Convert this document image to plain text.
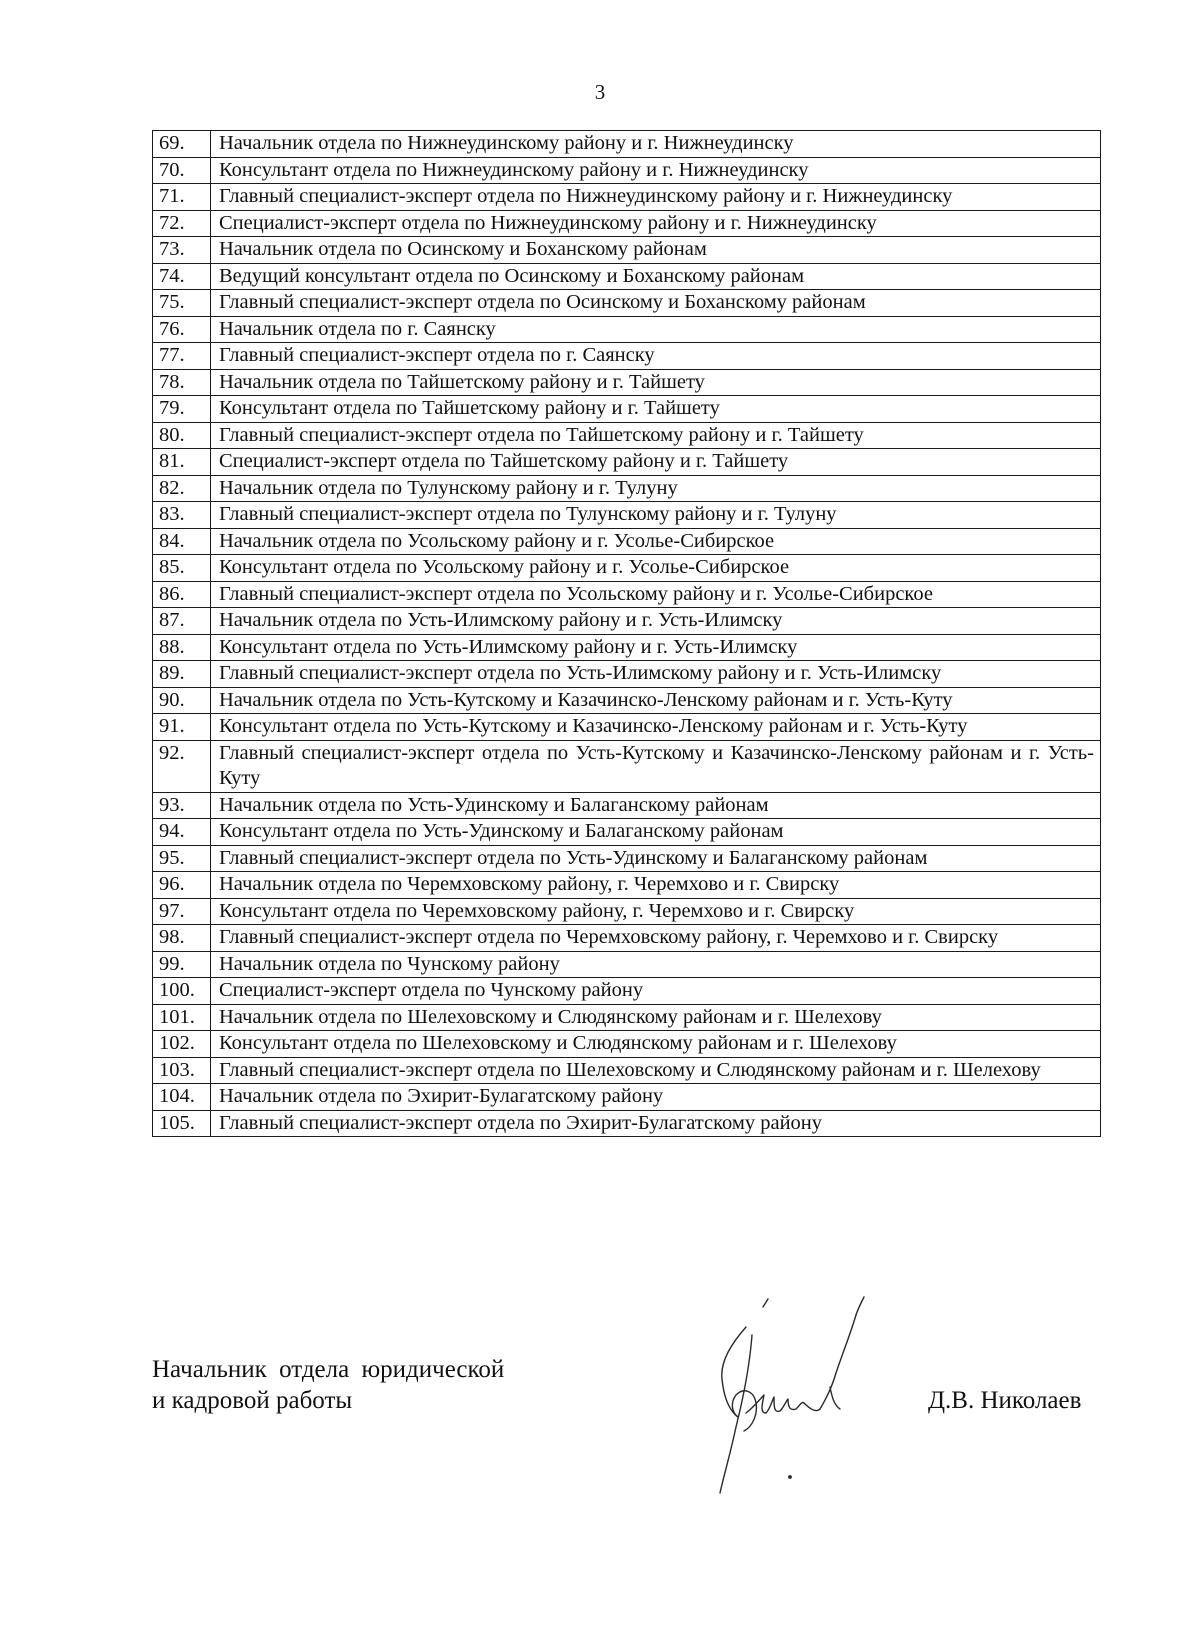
3
69.	Начальник отдела по Нижнеудинскому району и г. Нижнеудинску
70.	Консультант отдела по Нижнеудинскому району и г. Нижнеудинску
71.	Главный специалист-эксперт отдела по Нижнеудинскому району и г. Нижнеудинску
72.	Специалист-эксперт отдела по Нижнеудинскому району и г. Нижнеудинску
73.	Начальник отдела по Осинскому и Боханскому районам
74.	Ведущий консультант отдела по Осинскому и Боханскому районам
75.	Главный специалист-эксперт отдела по Осинскому и Боханскому районам
76.	Начальник отдела по г. Саянску
77.	Главный специалист-эксперт отдела по г. Саянску
78.	Начальник отдела по Тайшетскому району и г. Тайшету
79.	Консультант отдела по Тайшетскому району и г. Тайшету
80.	Главный специалист-эксперт отдела по Тайшетскому району и г. Тайшету
81.	Специалист-эксперт отдела по Тайшетскому району и г. Тайшету
82.	Начальник отдела по Тулунскому району и г. Тулуну
83.	Главный специалист-эксперт отдела по Тулунскому району и г. Тулуну
84.	Начальник отдела по Усольскому району и г. Усолье-Сибирское
85.	Консультант отдела по Усольскому району и г. Усолье-Сибирское
86.	Главный специалист-эксперт отдела по Усольскому району и г. Усолье-Сибирское
87.	Начальник отдела по Усть-Илимскому району и г. Усть-Илимску
88.	Консультант отдела по Усть-Илимскому району и г. Усть-Илимску
89.	Главный специалист-эксперт отдела по Усть-Илимскому району и г. Усть-Илимску
90.	Начальник отдела по Усть-Кутскому и Казачинско-Ленскому районам и г. Усть-Куту
91.	Консультант отдела по Усть-Кутскому и Казачинско-Ленскому районам и г. Усть-Куту
92.	Главный специалист-эксперт отдела по Усть-Кутскому и Казачинско-Ленскому районам и г. Усть-Куту
93.	Начальник отдела по Усть-Удинскому и Балаганскому районам
94.	Консультант отдела по Усть-Удинскому и Балаганскому районам
95.	Главный специалист-эксперт отдела по Усть-Удинскому и Балаганскому районам
96.	Начальник отдела по Черемховскому району, г. Черемхово и г. Свирску
97.	Консультант отдела по Черемховскому району, г. Черемхово и г. Свирску
98.	Главный специалист-эксперт отдела по Черемховскому району, г. Черемхово и г. Свирску
99.	Начальник отдела по Чунскому району
100.	Специалист-эксперт отдела по Чунскому району
101.	Начальник отдела по Шелеховскому и Слюдянскому районам и г. Шелехову
102.	Консультант отдела по Шелеховскому и Слюдянскому районам и г. Шелехову
103.	Главный специалист-эксперт отдела по Шелеховскому и Слюдянскому районам и г. Шелехову
104.	Начальник отдела по Эхирит-Булагатскому району
105.	Главный специалист-эксперт отдела по Эхирит-Булагатскому району
Начальник отдела юридической
и кадровой работы	Д.В. Николаев
